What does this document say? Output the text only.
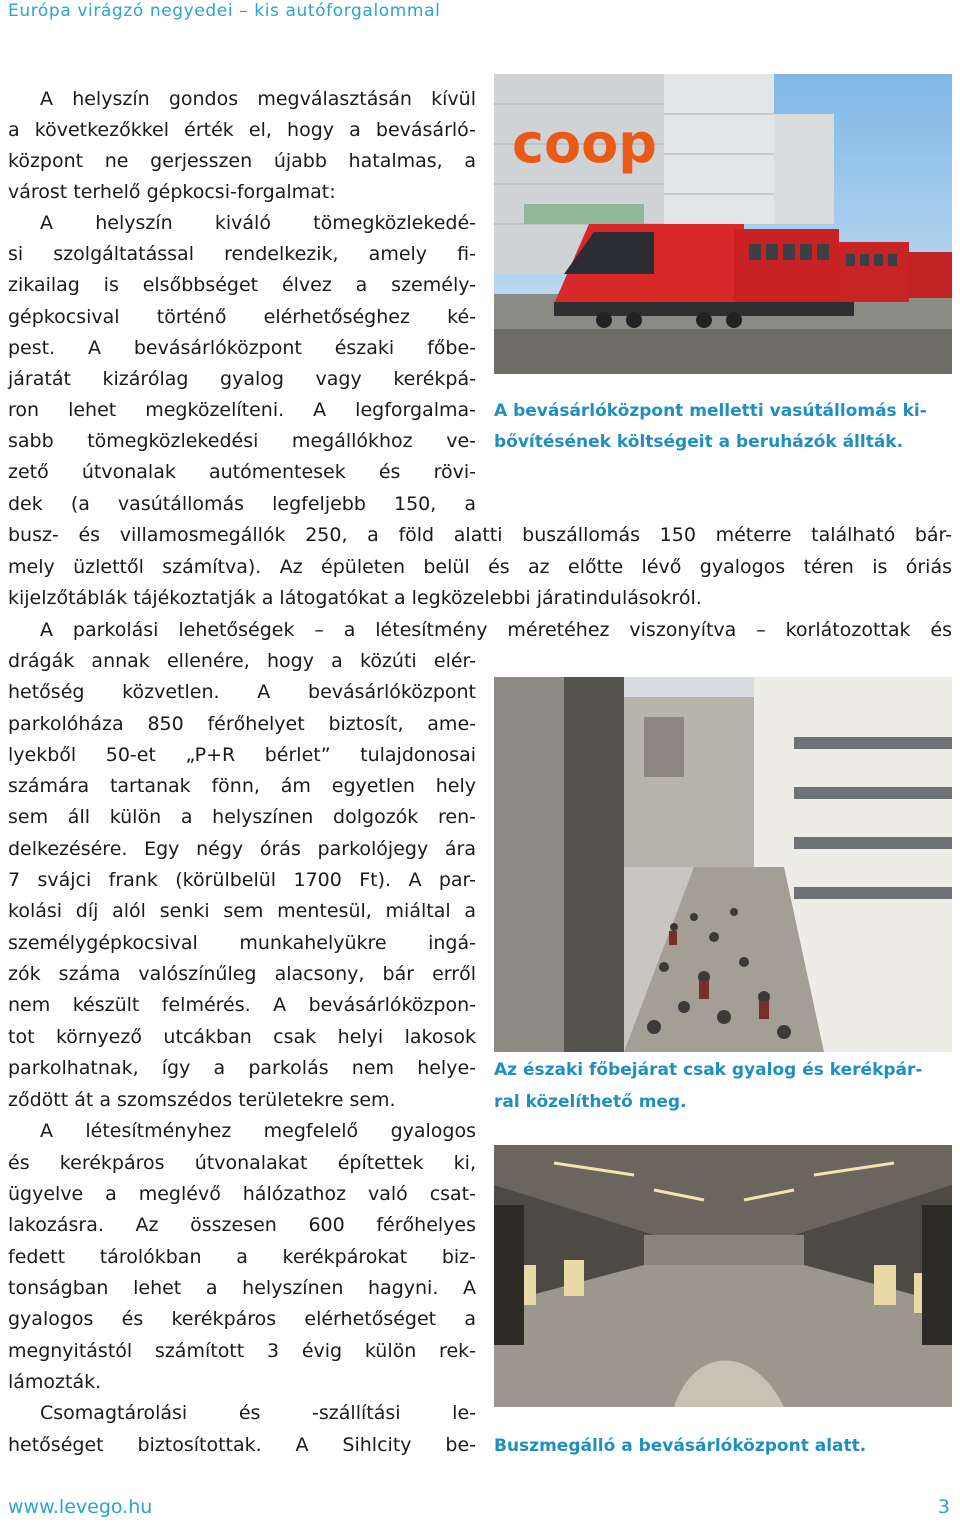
Európa virágzó negyedei – kis autóforgalommal
A helyszín gondos megválasztásán kívül
a következőkkel érték el, hogy a bevásárló-
központ ne gerjesszen újabb hatalmas, a
várost terhelő gépkocsi-forgalmat:
A helyszín kiváló tömegközlekedé-
si szolgáltatással rendelkezik, amely fi-
zikailag is elsőbbséget élvez a személy-
gépkocsival történő elérhetőséghez ké-
pest. A bevásárlóközpont északi főbe-
járatát kizárólag gyalog vagy kerékpá-
ron lehet megközelíteni. A legforgalma-
sabb tömegközlekedési megállókhoz ve-
zető útvonalak autómentesek és rövi-
dek (a vasútállomás legfeljebb 150, a
busz- és villamosmegállók 250, a föld alatti buszállomás 150 méterre található bár-
mely üzlettől számítva). Az épületen belül és az előtte lévő gyalogos téren is óriás
kijelzőtáblák tájékoztatják a látogatókat a legközelebbi járatindulásokról.
A parkolási lehetőségek – a létesítmény méretéhez viszonyítva – korlátozottak és
drágák annak ellenére, hogy a közúti elér-
hetőség közvetlen. A bevásárlóközpont
parkolóháza 850 férőhelyet biztosít, ame-
lyekből 50-et „P+R bérlet” tulajdonosai
számára tartanak fönn, ám egyetlen hely
sem áll külön a helyszínen dolgozók ren-
delkezésére. Egy négy órás parkolójegy ára
7 svájci frank (körülbelül 1700 Ft). A par-
kolási díj alól senki sem mentesül, miáltal a
személygépkocsival munkahelyükre ingá-
zók száma valószínűleg alacsony, bár erről
nem készült felmérés. A bevásárlóközpon-
tot környező utcákban csak helyi lakosok
parkolhatnak, így a parkolás nem helye-
ződött át a szomszédos területekre sem.
A létesítményhez megfelelő gyalogos
és kerékpáros útvonalakat építettek ki,
ügyelve a meglévő hálózathoz való csat-
lakozásra. Az összesen 600 férőhelyes
fedett tárolókban a kerékpárokat biz-
tonságban lehet a helyszínen hagyni. A
gyalogos és kerékpáros elérhetőséget a
megnyitástól számított 3 évig külön rek-
lámozták.
Csomagtárolási és -szállítási le-
hetőséget biztosítottak. A Sihlcity be-
coop
A bevásárlóközpont melletti vasútállomás ki-
bővítésének költségeit a beruházók állták.
Az északi főbejárat csak gyalog és kerékpár-
ral közelíthető meg.
Buszmegálló a bevásárlóközpont alatt.
www.levego.hu	3
